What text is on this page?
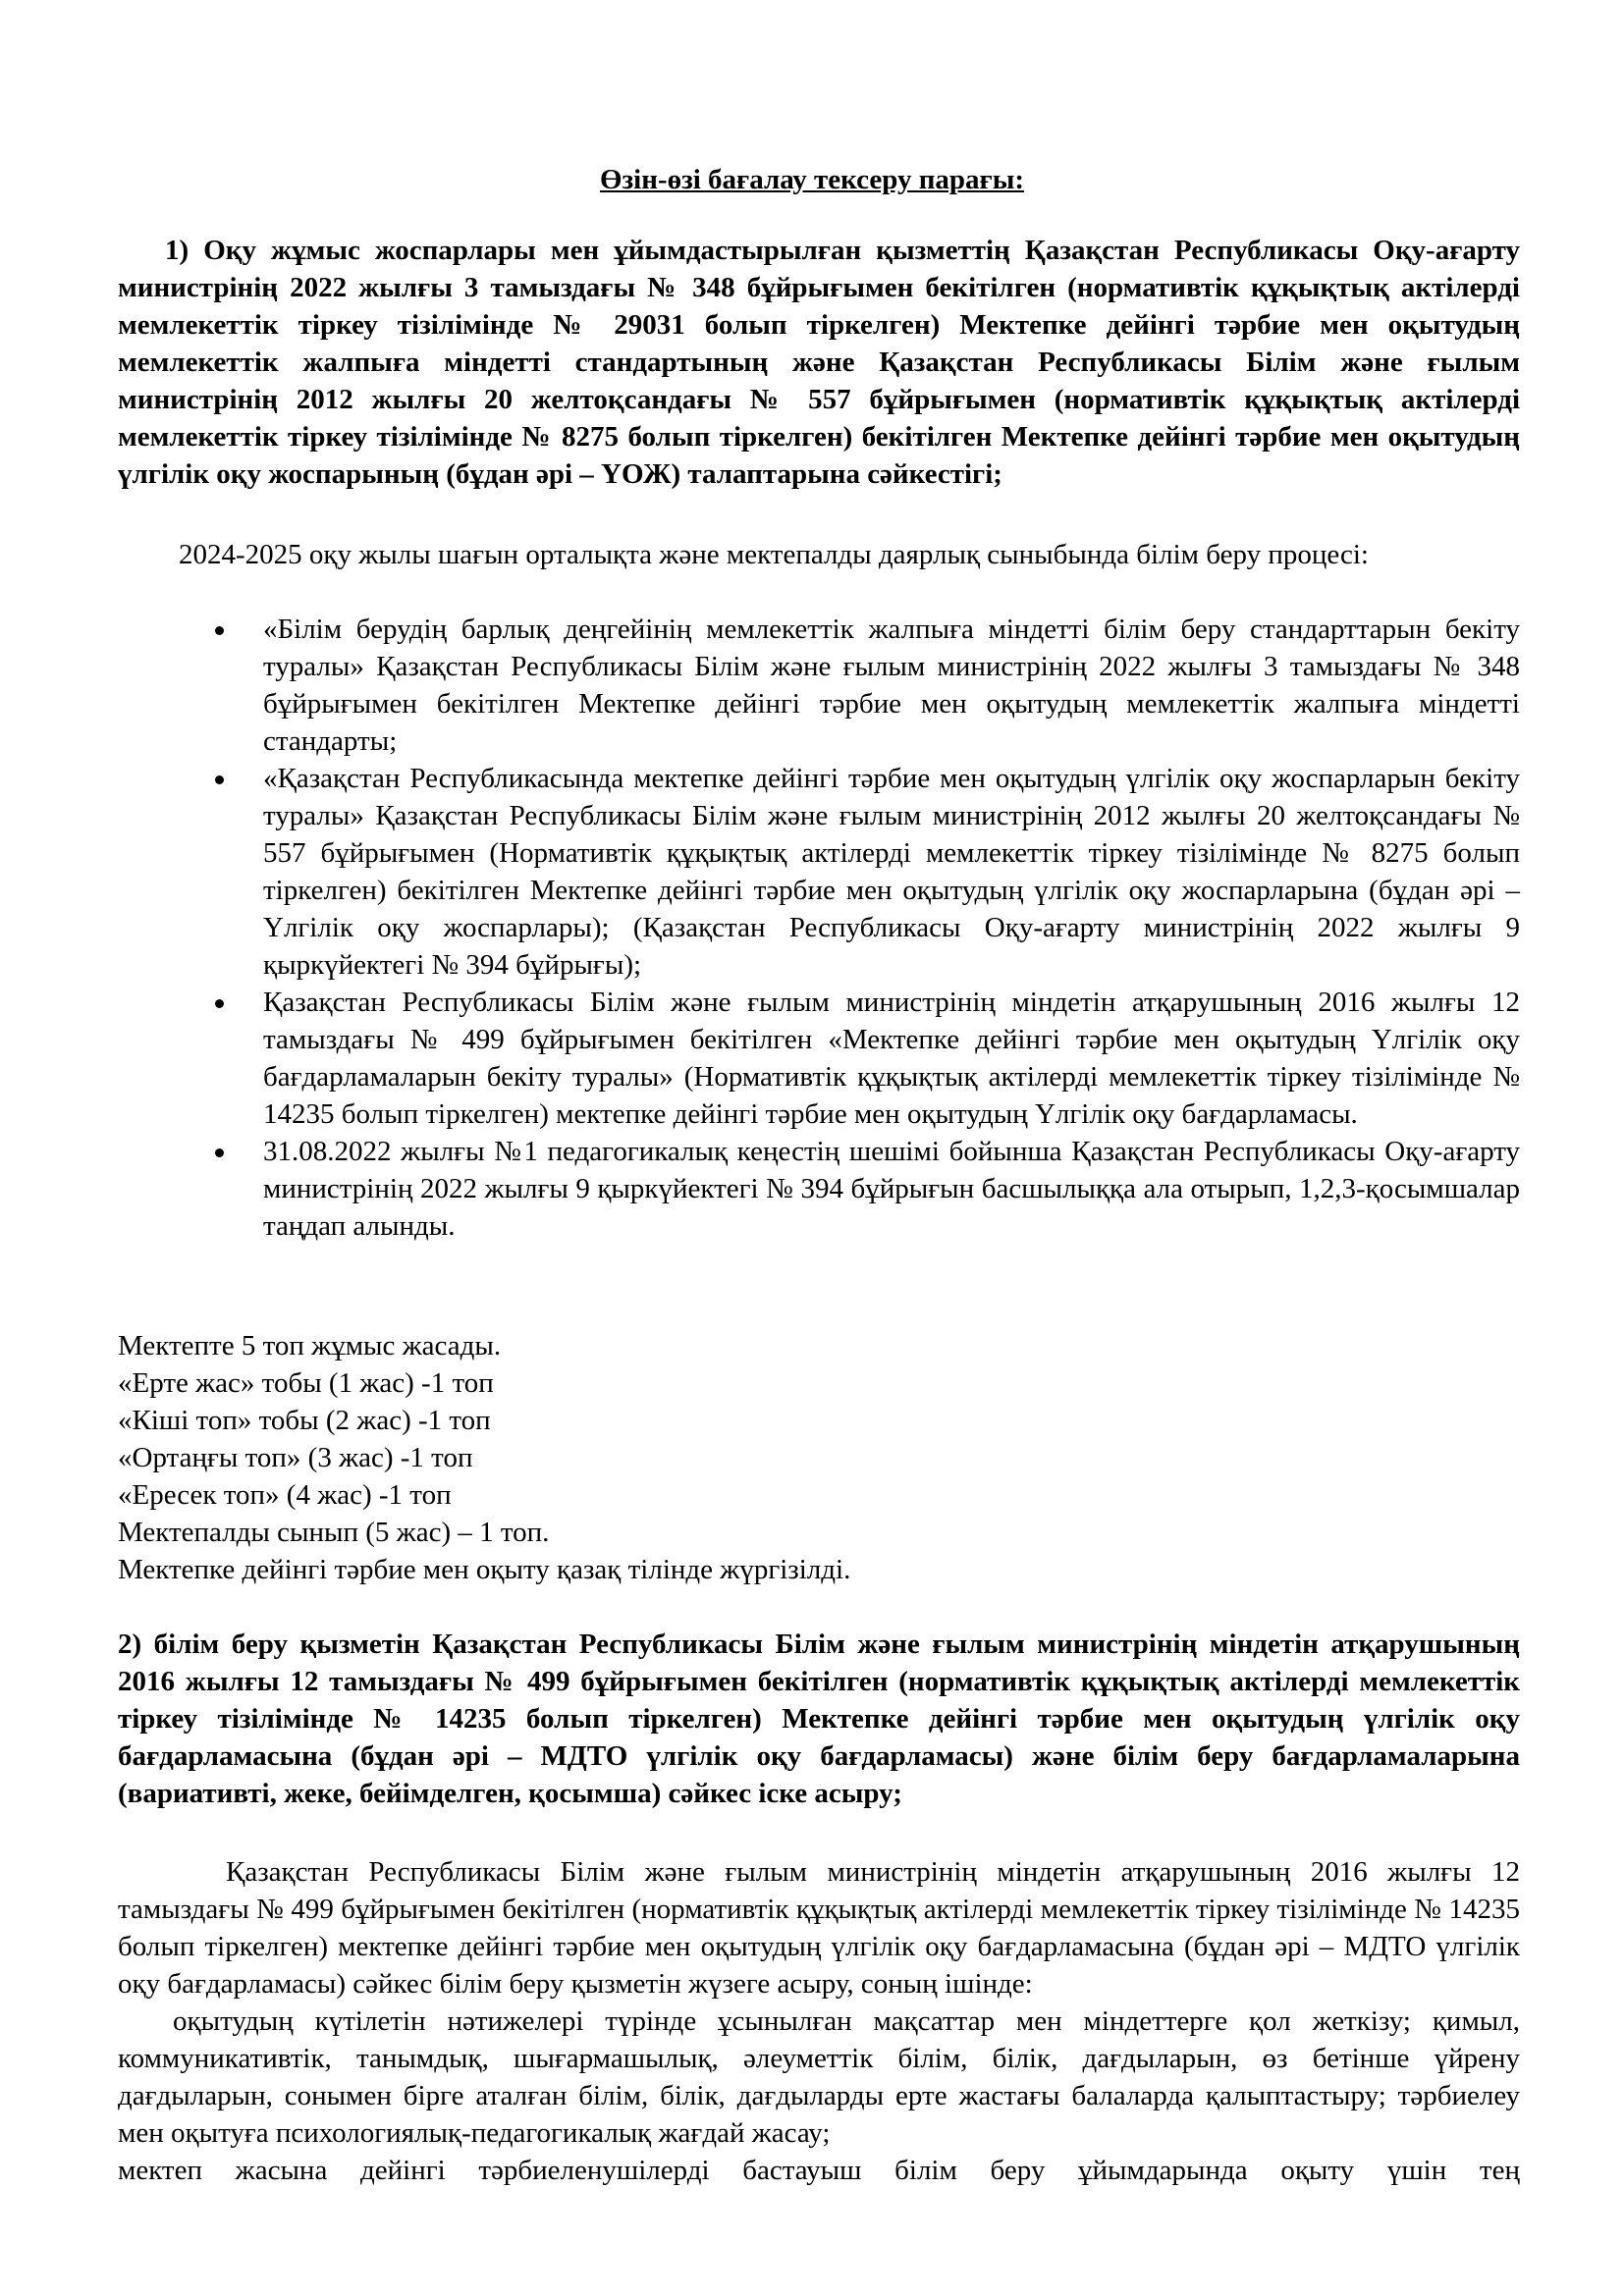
Өзін-өзі бағалау тексеру парағы:
1) Оқу жұмыс жоспарлары мен ұйымдастырылған қызметтің Қазақстан Республикасы Оқу-ағарту министрінің 2022 жылғы 3 тамыздағы № 348 бұйрығымен бекітілген (нормативтік құқықтық актілерді мемлекеттік тіркеу тізілімінде № 29031 болып тіркелген) Мектепке дейінгі тәрбие мен оқытудың мемлекеттік жалпыға міндетті стандартының және Қазақстан Республикасы Білім және ғылым министрінің 2012 жылғы 20 желтоқсандағы № 557 бұйрығымен (нормативтік құқықтық актілерді мемлекеттік тіркеу тізілімінде № 8275 болып тіркелген) бекітілген Мектепке дейінгі тәрбие мен оқытудың үлгілік оқу жоспарының (бұдан әрі – ҮОЖ) талаптарына сәйкестігі;
2024-2025 оқу жылы шағын орталықта және мектепалды даярлық сыныбында білім беру процесі:
«Білім берудің барлық деңгейінің мемлекеттік жалпыға міндетті білім беру стандарттарын бекіту туралы» Қазақстан Республикасы Білім және ғылым министрінің 2022 жылғы 3 тамыздағы № 348 бұйрығымен бекітілген Мектепке дейінгі тәрбие мен оқытудың мемлекеттік жалпыға міндетті стандарты;
«Қазақстан Республикасында мектепке дейінгі тәрбие мен оқытудың үлгілік оқу жоспарларын бекіту туралы» Қазақстан Республикасы Білім және ғылым министрінің 2012 жылғы 20 желтоқсандағы № 557 бұйрығымен (Нормативтік құқықтық актілерді мемлекеттік тіркеу тізілімінде № 8275 болып тіркелген) бекітілген Мектепке дейінгі тәрбие мен оқытудың үлгілік оқу жоспарларына (бұдан әрі – Үлгілік оқу жоспарлары); (Қазақстан Республикасы Оқу-ағарту министрінің 2022 жылғы 9 қыркүйектегі № 394 бұйрығы);
Қазақстан Республикасы Білім және ғылым министрінің міндетін атқарушының 2016 жылғы 12 тамыздағы № 499 бұйрығымен бекітілген «Мектепке дейінгі тәрбие мен оқытудың Үлгілік оқу бағдарламаларын бекіту туралы» (Нормативтік құқықтық актілерді мемлекеттік тіркеу тізілімінде № 14235 болып тіркелген) мектепке дейінгі тәрбие мен оқытудың Үлгілік оқу бағдарламасы.
31.08.2022 жылғы №1 педагогикалық кеңестің шешімі бойынша Қазақстан Республикасы Оқу-ағарту министрінің 2022 жылғы 9 қыркүйектегі № 394 бұйрығын басшылыққа ала отырып, 1,2,3-қосымшалар таңдап алынды.

Мектепте 5 топ жұмыс жасады.

«Ерте жас» тобы (1 жас) -1 топ

«Кіші топ» тобы (2 жас) -1 топ

«Ортаңғы топ» (3 жас) -1 топ

«Ересек топ» (4 жас) -1 топ

Мектепалды сынып (5 жас) – 1 топ.

Мектепке дейінгі тәрбие мен оқыту қазақ тілінде жүргізілді.

2) білім беру қызметін Қазақстан Республикасы Білім және ғылым министрінің міндетін атқарушының 2016 жылғы 12 тамыздағы № 499 бұйрығымен бекітілген (нормативтік құқықтық актілерді мемлекеттік тіркеу тізілімінде № 14235 болып тіркелген) Мектепке дейінгі тәрбие мен оқытудың үлгілік оқу бағдарламасына (бұдан әрі – МДТО үлгілік оқу бағдарламасы) және білім беру бағдарламаларына (вариативті, жеке, бейімделген, қосымша) сәйкес іске асыру;
Қазақстан Республикасы Білім және ғылым министрінің міндетін атқарушының 2016 жылғы 12 тамыздағы № 499 бұйрығымен бекітілген (нормативтік құқықтық актілерді мемлекеттік тіркеу тізілімінде № 14235 болып тіркелген) мектепке дейінгі тәрбие мен оқытудың үлгілік оқу бағдарламасына (бұдан әрі – МДТО үлгілік оқу бағдарламасы) сәйкес білім беру қызметін жүзеге асыру, соның ішінде:
оқытудың күтілетін нәтижелері түрінде ұсынылған мақсаттар мен міндеттерге қол жеткізу; қимыл, коммуникативтік, танымдық, шығармашылық, әлеуметтік білім, білік, дағдыларын, өз бетінше үйрену дағдыларын, сонымен бірге аталған білім, білік, дағдыларды ерте жастағы балаларда қалыптастыру; тәрбиелеу мен оқытуға психологиялық-педагогикалық жағдай жасау;
мектеп жасына дейінгі тәрбиеленушілерді бастауыш білім беру ұйымдарында оқыту үшін тең
